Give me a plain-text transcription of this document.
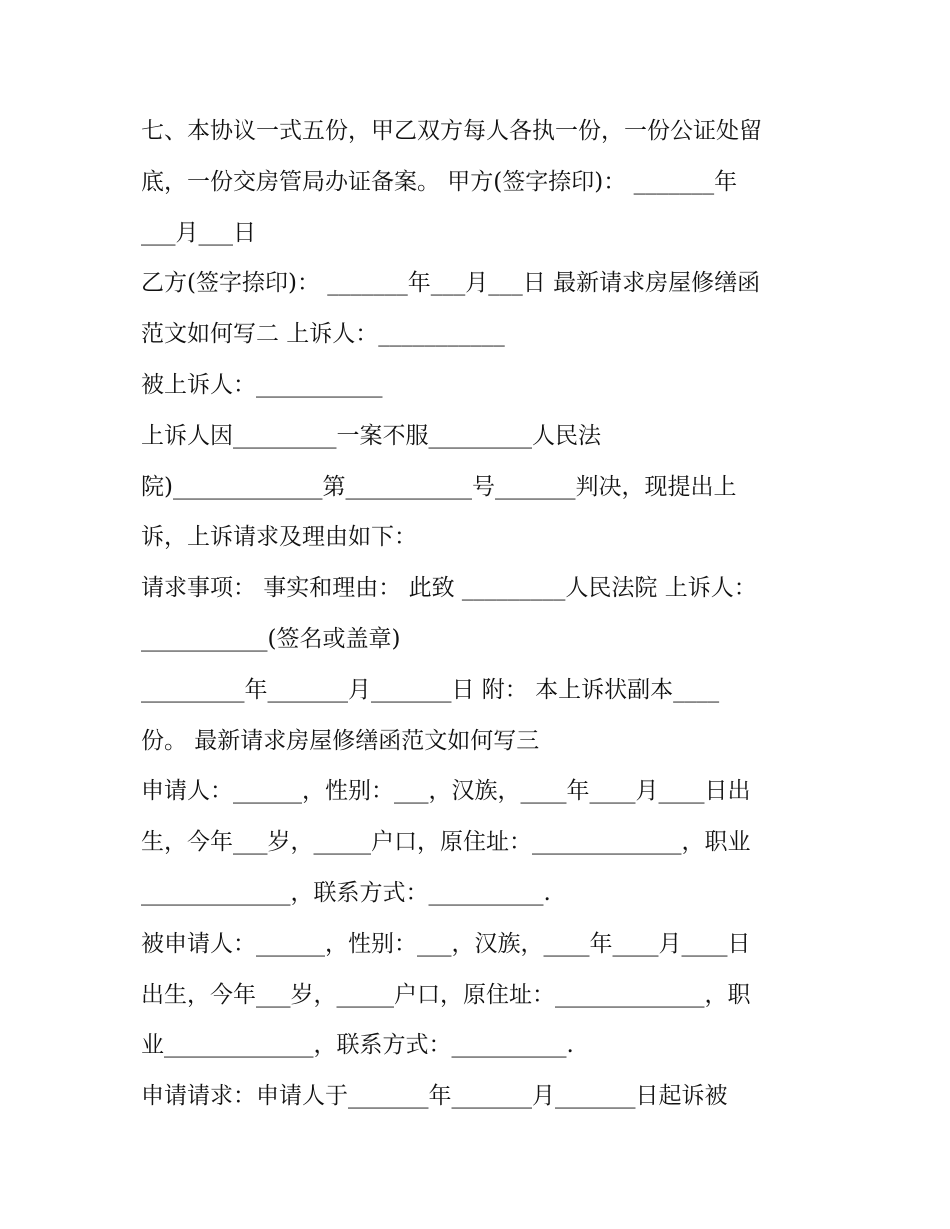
七、本协议一式五份，甲乙双方每人各执一份，一份公证处留
底，一份交房管局办证备案。 甲方(签字捺印)： _______年
___月___日
乙方(签字捺印)： _______年___月___日 最新请求房屋修缮函
范文如何写二 上诉人：___________
被上诉人：___________
上诉人因_________一案不服_________人民法
院)_____________第___________号_______判决，现提出上
诉，上诉请求及理由如下：
请求事项： 事实和理由： 此致 _________人民法院 上诉人：
___________(签名或盖章)
_________年_______月_______日 附： 本上诉状副本____
份。 最新请求房屋修缮函范文如何写三
申请人：______，性别：___，汉族，____年____月____日出
生，今年___岁，_____户口，原住址：_____________，职业
_____________，联系方式：__________.
被申请人：______，性别：___，汉族，____年____月____日
出生，今年___岁，_____户口，原住址：_____________，职
业_____________，联系方式：__________.
申请请求：申请人于_______年_______月_______日起诉被
